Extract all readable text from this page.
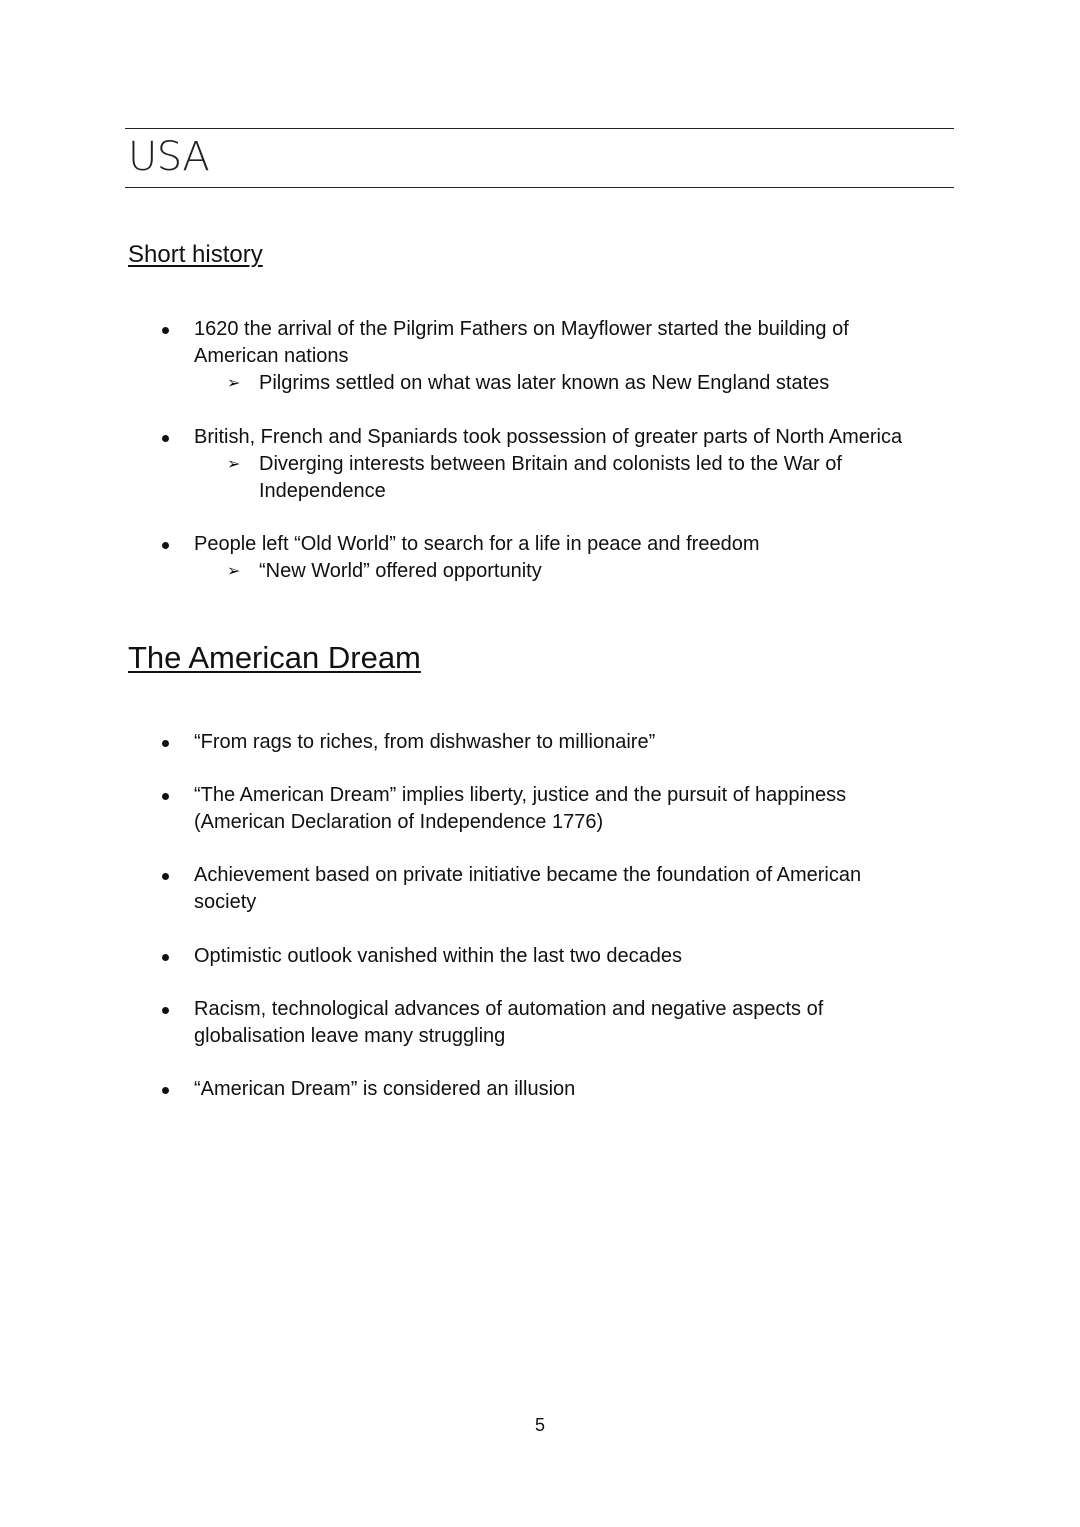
USA
Short history
1620 the arrival of the Pilgrim Fathers on Mayflower started the building of American nations
➢ Pilgrims settled on what was later known as New England states
British, French and Spaniards took possession of greater parts of North America
➢ Diverging interests between Britain and colonists led to the War of Independence
People left “Old World” to search for a life in peace and freedom
➢ “New World” offered opportunity
The American Dream
“From rags to riches, from dishwasher to millionaire”
“The American Dream” implies liberty, justice and the pursuit of happiness (American Declaration of Independence 1776)
Achievement based on private initiative became the foundation of American society
Optimistic outlook vanished within the last two decades
Racism, technological advances of automation and negative aspects of globalisation leave many struggling
“American Dream” is considered an illusion
5
